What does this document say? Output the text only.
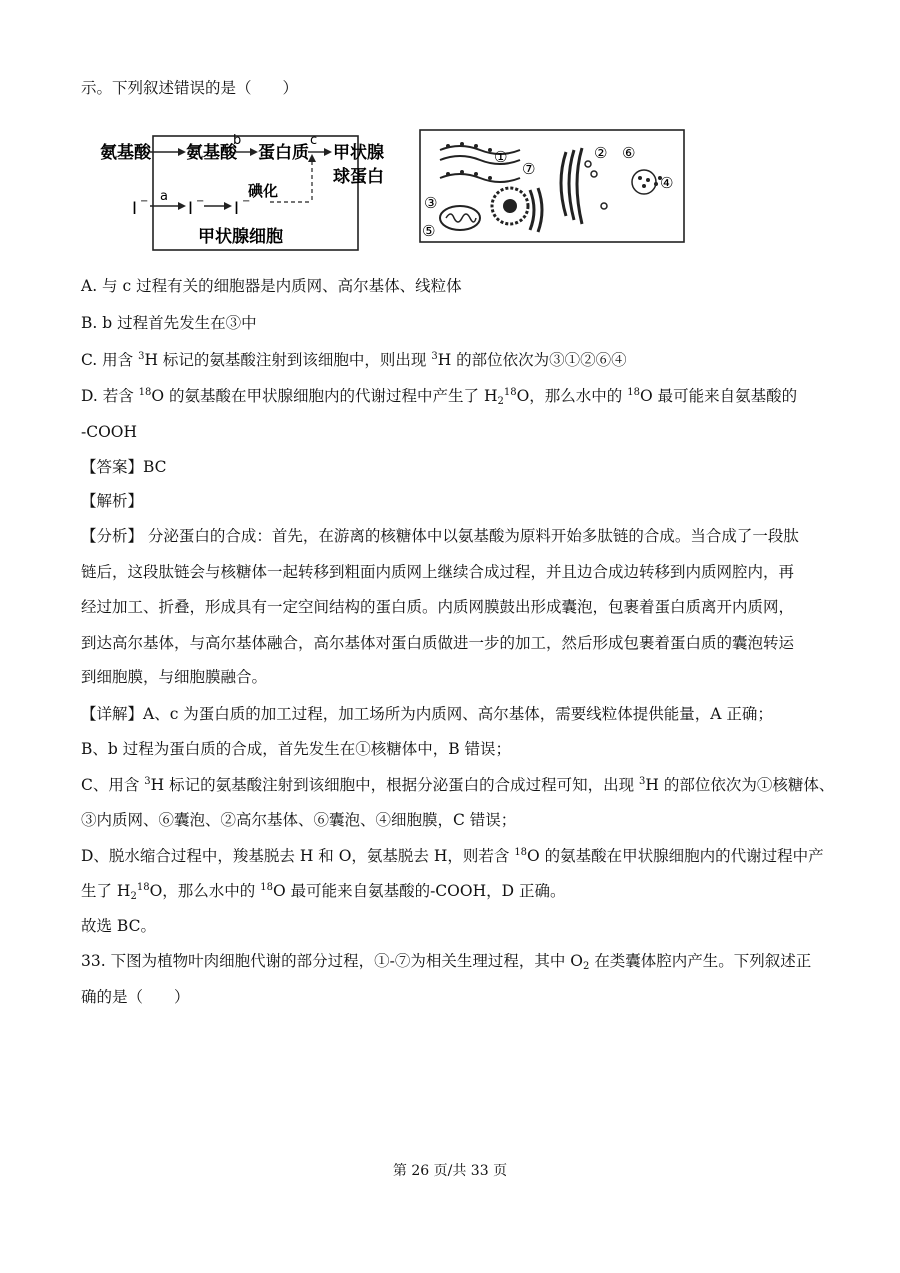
示。下列叙述错误的是（　　）
氨基酸 氨基酸
b
蛋白质
c
甲状腺
球蛋白
I − a
I − I −
碘化
甲状腺细胞
①
③
⑦
⑤
② ⑥
④
A. 与 c 过程有关的细胞器是内质网、高尔基体、线粒体
B. b 过程首先发生在③中
C. 用含 $^3$H 标记的氨基酸注射到该细胞中，则出现 $^3$H 的部位依次为③①②⑥④
D. 若含 $^{18}$O 的氨基酸在甲状腺细胞内的代谢过程中产生了 $H_2^{18}O$，那么水中的 $^{18}$O 最可能来自氨基酸的
-COOH
【答案】BC
【解析】
【分析】 分泌蛋白的合成：首先，在游离的核糖体中以氨基酸为原料开始多肽链的合成。当合成了一段肽
链后，这段肽链会与核糖体一起转移到粗面内质网上继续合成过程，并且边合成边转移到内质网腔内，再
经过加工、折叠，形成具有一定空间结构的蛋白质。内质网膜鼓出形成囊泡，包裹着蛋白质离开内质网，
到达高尔基体，与高尔基体融合，高尔基体对蛋白质做进一步的加工，然后形成包裹着蛋白质的囊泡转运
到细胞膜，与细胞膜融合。
【详解】A、c 为蛋白质的加工过程，加工场所为内质网、高尔基体，需要线粒体提供能量，A 正确；
B、b 过程为蛋白质的合成，首先发生在①核糖体中，B 错误；
C、用含 $^3$H 标记的氨基酸注射到该细胞中，根据分泌蛋白的合成过程可知，出现 $^3$H 的部位依次为①核糖体、
③内质网、⑥囊泡、②高尔基体、⑥囊泡、④细胞膜，C 错误；
D、脱水缩合过程中，羧基脱去 H 和 O，氨基脱去 H，则若含 $^{18}$O 的氨基酸在甲状腺细胞内的代谢过程中产
生了 $H_2^{18}O$，那么水中的 $^{18}$O 最可能来自氨基酸的-COOH，D 正确。
故选 BC。
33. 下图为植物叶肉细胞代谢的部分过程，①-⑦为相关生理过程，其中 $O_2$ 在类囊体腔内产生。下列叙述正
确的是（　　）
第 26 页/共 33 页
